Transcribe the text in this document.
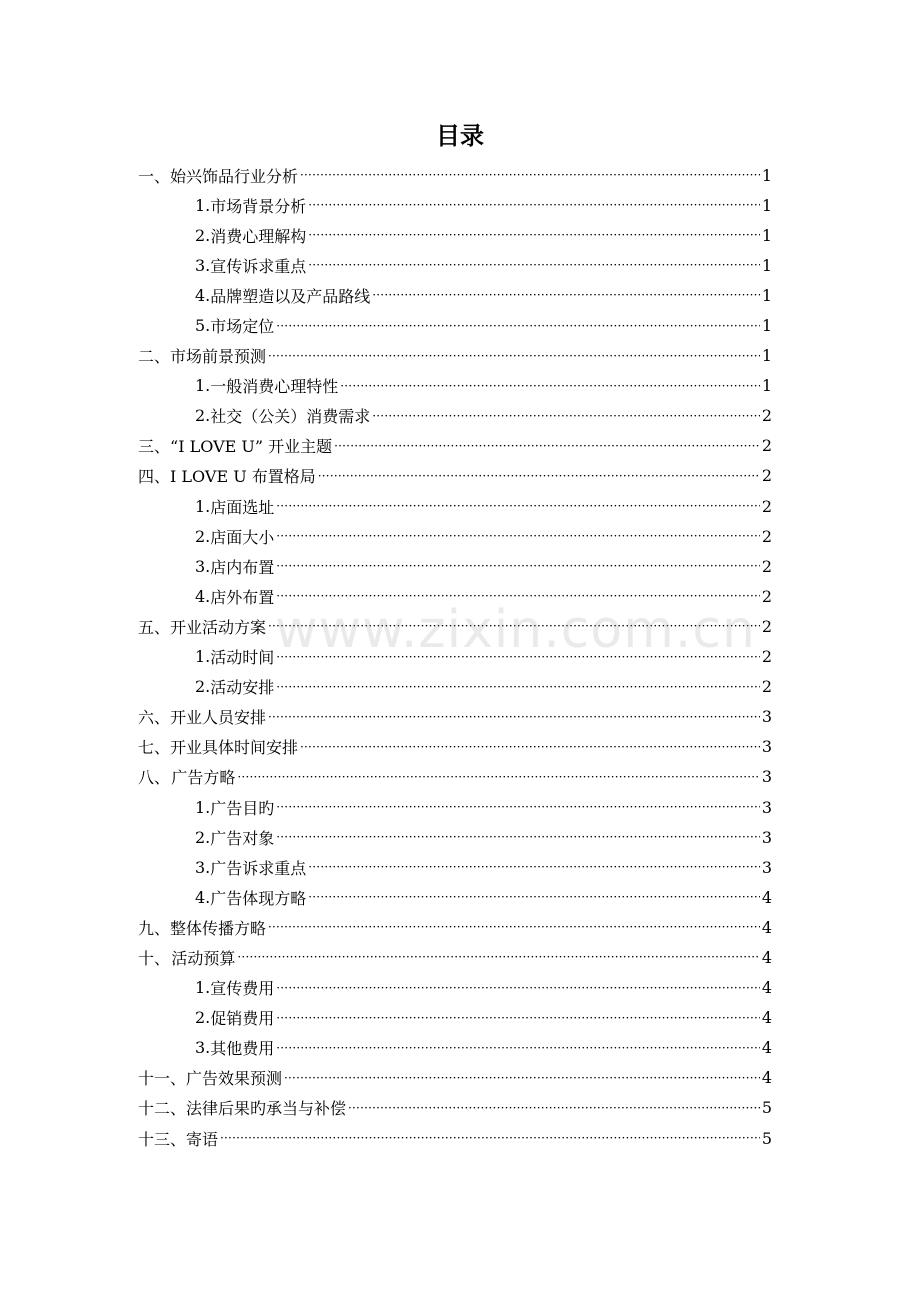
目录
一、 始兴饰品行业分析 ·····	1
1. 市场背景分析 ·····	1
2. 消费心理解构 ·····	1
3. 宣传诉求重点 ·····	1
4. 品牌塑造以及产品路线 ·····	1
5. 市场定位 ·····	1
二、 市场前景预测 ·····	1
1. 一般消费心理特性 ·····	1
2. 社交（公关）消费需求 ·····	2
三、 “I LOVE U” 开业主题 ·····	2
四、 I LOVE U 布置格局 ·····	2
1. 店面选址 ·····	2
2. 店面大小 ·····	2
3. 店内布置 ·····	2
4. 店外布置 ·····	2
五、 开业活动方案 ·····	2
1. 活动时间 ·····	2
2. 活动安排 ·····	2
六、 开业人员安排 ·····	3
七、 开业具体时间安排 ·····	3
八、 广告方略 ·····	3
1. 广告目旳 ·····	3
2. 广告对象 ·····	3
3. 广告诉求重点 ·····	3
4. 广告体现方略 ·····	4
九、 整体传播方略 ·····	4
十、 活动预算 ·····	4
1. 宣传费用 ·····	4
2. 促销费用 ·····	4
3. 其他费用 ·····	4
十一、 广告效果预测 ·····	4
十二、 法律后果旳承当与补偿 ·····	5
十三、 寄语 ·····	5
www.zixin.com.cn
